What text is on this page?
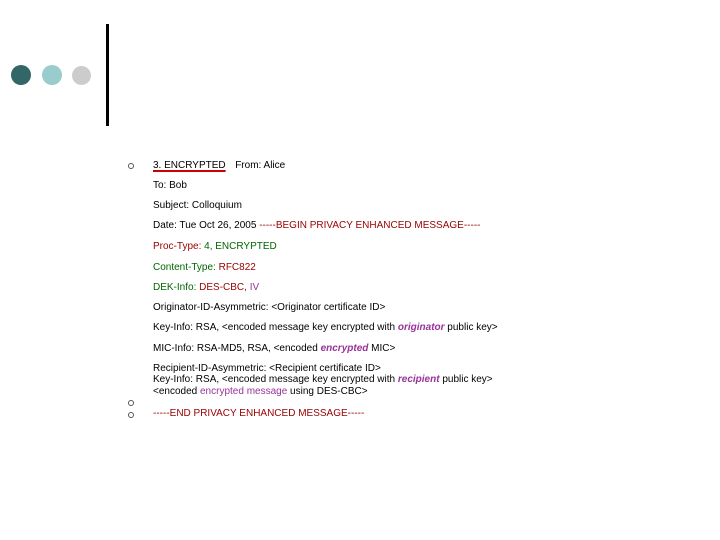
3. ENCRYPTED From: Alice
To: Bob
Subject: Colloquium
Date: Tue Oct 26, 2005 -----BEGIN PRIVACY ENHANCED MESSAGE-----
Proc-Type: 4, ENCRYPTED
Content-Type: RFC822
DEK-Info: DES-CBC, IV
Originator-ID-Asymmetric: <Originator certificate ID>
Key-Info: RSA, <encoded message key encrypted with originator public key>
MIC-Info: RSA-MD5, RSA, <encoded encrypted MIC>
Recipient-ID-Asymmetric: <Recipient certificate ID>
Key-Info: RSA, <encoded message key encrypted with recipient public key>
<encoded encrypted message using DES-CBC>
-----END PRIVACY ENHANCED MESSAGE-----
